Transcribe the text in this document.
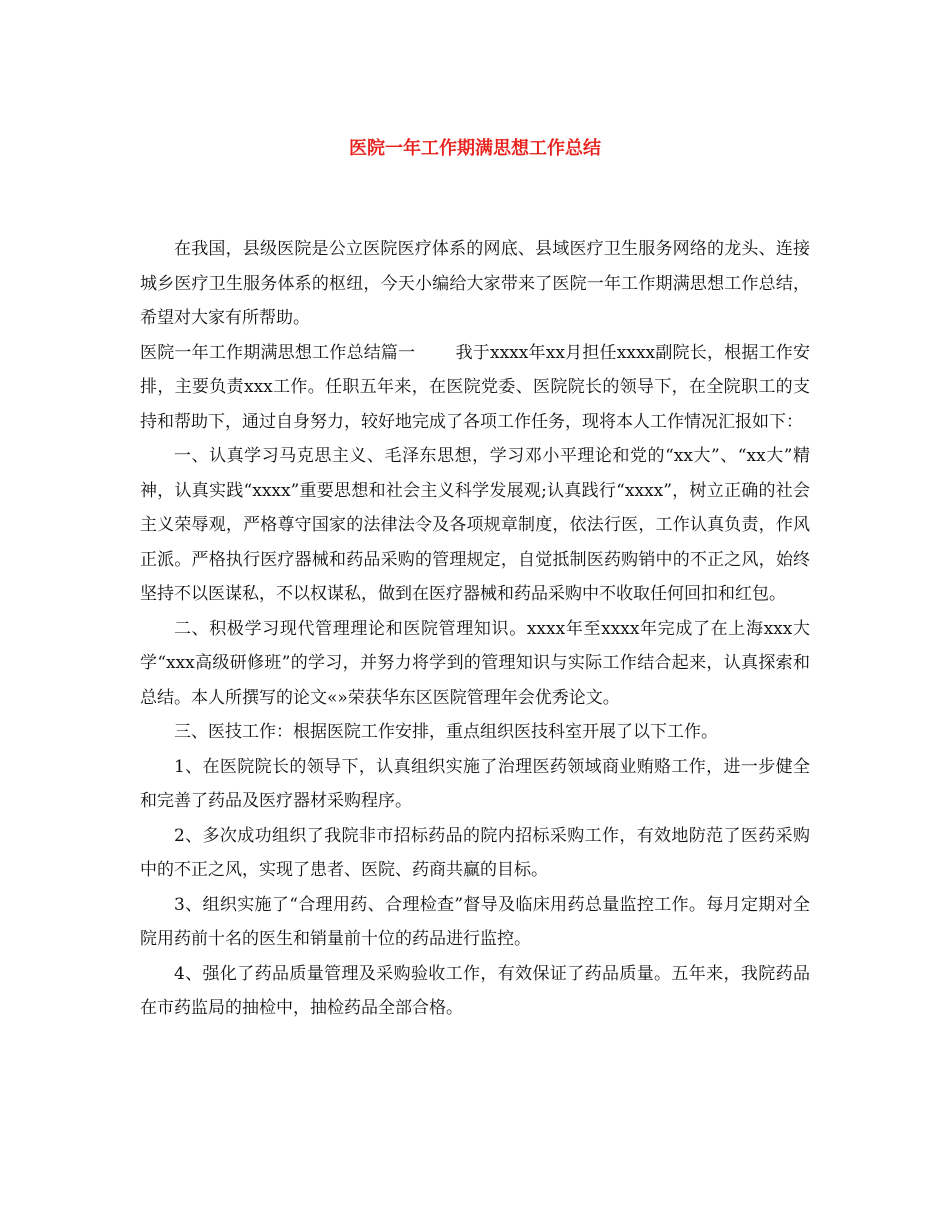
医院一年工作期满思想工作总结

在我国，县级医院是公立医院医疗体系的网底、县域医疗卫生服务网络的龙头、连接城乡医疗卫生服务体系的枢纽，今天小编给大家带来了医院一年工作期满思想工作总结，希望对大家有所帮助。

医院一年工作期满思想工作总结篇一 我于xxxx年xx月担任xxxx副院长，根据工作安排，主要负责xxx工作。任职五年来，在医院党委、医院院长的领导下，在全院职工的支持和帮助下，通过自身努力，较好地完成了各项工作任务，现将本人工作情况汇报如下：

一、认真学习马克思主义、毛泽东思想，学习邓小平理论和党的“xx大”、“xx大”精神，认真实践“xxxx”重要思想和社会主义科学发展观;认真践行“xxxx”，树立正确的社会主义荣辱观，严格尊守国家的法律法令及各项规章制度，依法行医，工作认真负责，作风正派。严格执行医疗器械和药品采购的管理规定，自觉抵制医药购销中的不正之风，始终坚持不以医谋私，不以权谋私，做到在医疗器械和药品采购中不收取任何回扣和红包。

二、积极学习现代管理理论和医院管理知识。xxxx年至xxxx年完成了在上海xxx大学“xxx高级研修班”的学习，并努力将学到的管理知识与实际工作结合起来，认真探索和总结。本人所撰写的论文«»荣获华东区医院管理年会优秀论文。

三、医技工作：根据医院工作安排，重点组织医技科室开展了以下工作。

1、在医院院长的领导下，认真组织实施了治理医药领域商业贿赂工作，进一步健全和完善了药品及医疗器材采购程序。

2、多次成功组织了我院非市招标药品的院内招标采购工作，有效地防范了医药采购中的不正之风，实现了患者、医院、药商共赢的目标。

3、组织实施了“合理用药、合理检查”督导及临床用药总量监控工作。每月定期对全院用药前十名的医生和销量前十位的药品进行监控。

4、强化了药品质量管理及采购验收工作，有效保证了药品质量。五年来，我院药品在市药监局的抽检中，抽检药品全部合格。
